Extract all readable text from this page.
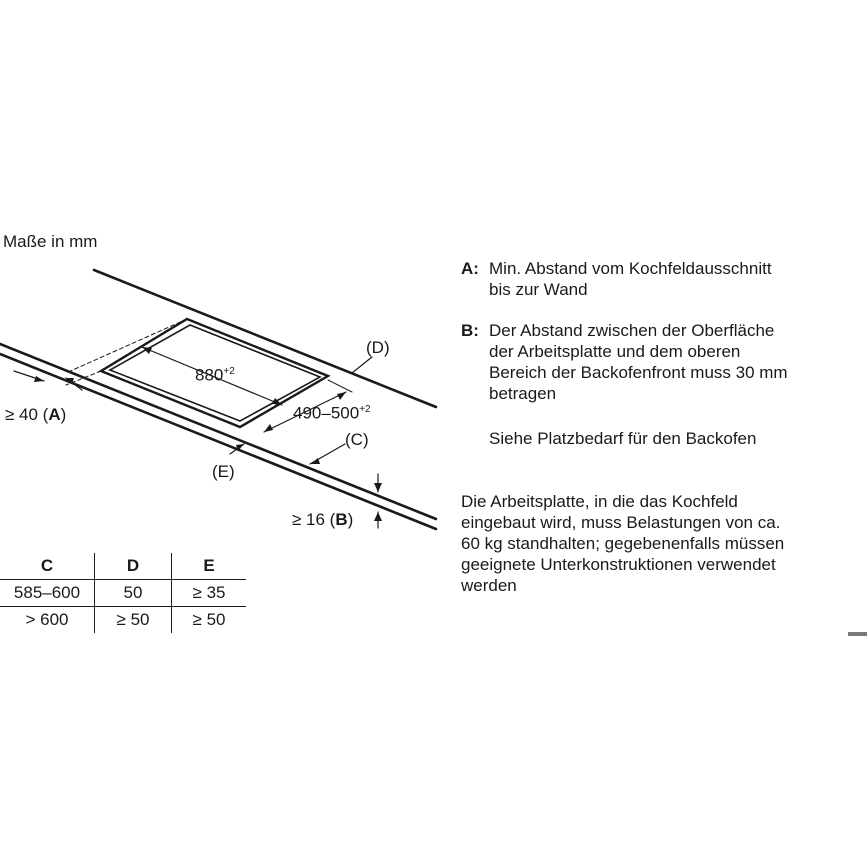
Maße in mm
$880^{+2}$
$490-500^{+2}$
(D)
≥ 40 (A)
(C)
(E)
≥ 16 (B)
C	D	E
585–600	50	≥ 35
> 600	≥ 50	≥ 50
A: Min. Abstand vom Kochfeldausschnitt
bis zur Wand
B: Der Abstand zwischen der Oberfläche
der Arbeitsplatte und dem oberen
Bereich der Backofenfront muss 30 mm
betragen
Siehe Platzbedarf für den Backofen
Die Arbeitsplatte, in die das Kochfeld
eingebaut wird, muss Belastungen von ca.
60 kg standhalten; gegebenenfalls müssen
geeignete Unterkonstruktionen verwendet
werden
